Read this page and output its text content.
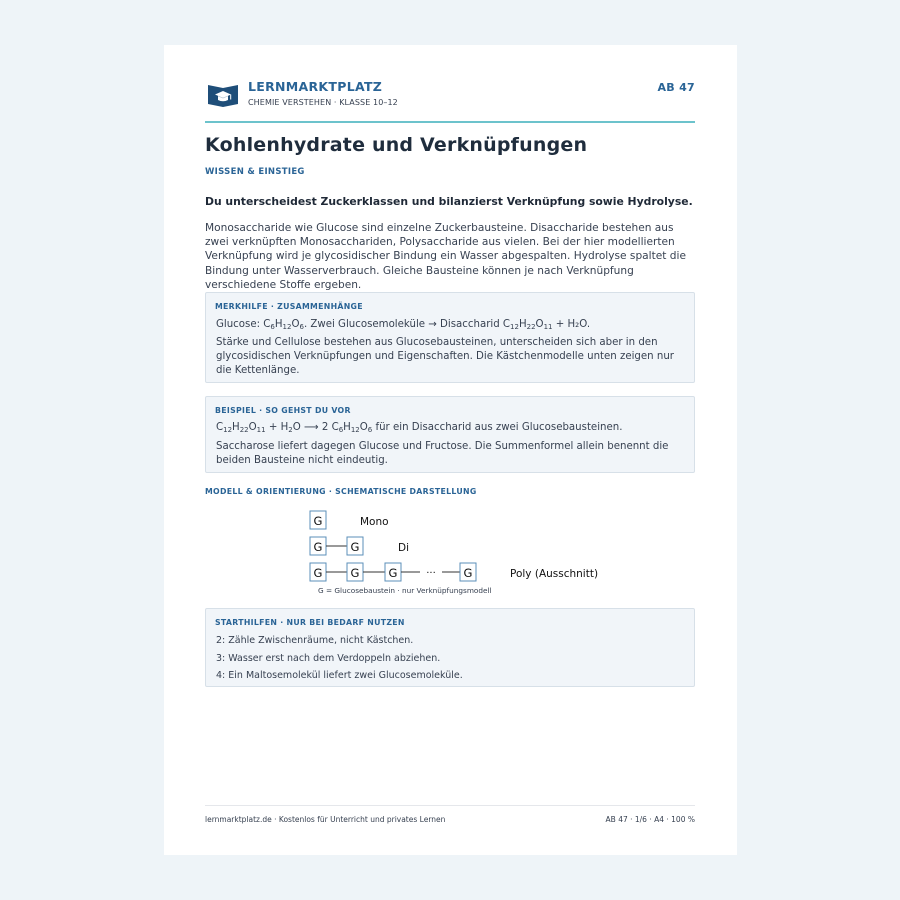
LERNMARKTPLATZ
CHEMIE VERSTEHEN · KLASSE 10–12
AB 47
Kohlenhydrate und Verknüpfungen
WISSEN & EINSTIEG
Du unterscheidest Zuckerklassen und bilanzierst Verknüpfung sowie Hydrolyse.
Monosaccharide wie Glucose sind einzelne Zuckerbausteine. Disaccharide bestehen aus zwei verknüpften Monosacchariden, Polysaccharide aus vielen. Bei der hier modellierten Verknüpfung wird je glycosidischer Bindung ein Wasser abgespalten. Hydrolyse spaltet die Bindung unter Wasserverbrauch. Gleiche Bausteine können je nach Verknüpfung verschiedene Stoffe ergeben.
MERKHILFE · ZUSAMMENHÄNGE
Glucose: $C_6H_{12}O_6$. Zwei Glucosemoleküle → Disaccharid $C_{12}H_{22}O_{11} + H_2O$.
Stärke und Cellulose bestehen aus Glucosebausteinen, unterscheiden sich aber in den glycosidischen Verknüpfungen und Eigenschaften. Die Kästchenmodelle unten zeigen nur die Kettenlänge.
BEISPIEL · SO GEHST DU VOR
$C_{12}H_{22}O_{11} + H_2O$ ⟶ 2 $C_6H_{12}O_6$ für ein Disaccharid aus zwei Glucosebausteinen.
Saccharose liefert dagegen Glucose und Fructose. Die Summenformel allein benennt die beiden Bausteine nicht eindeutig.
MODELL & ORIENTIERUNG · SCHEMATISCHE DARSTELLUNG
G	Mono
G G	Di
G G	G	··· G	Poly (Ausschnitt)
G = Glucosebaustein · nur Verknüpfungsmodell
STARTHILFEN · NUR BEI BEDARF NUTZEN
2: Zähle Zwischenräume, nicht Kästchen.
3: Wasser erst nach dem Verdoppeln abziehen.
4: Ein Maltosemolekül liefert zwei Glucosemoleküle.
lernmarktplatz.de · Kostenlos für Unterricht und privates Lernen	AB 47 · 1/6 · A4 · 100 %
